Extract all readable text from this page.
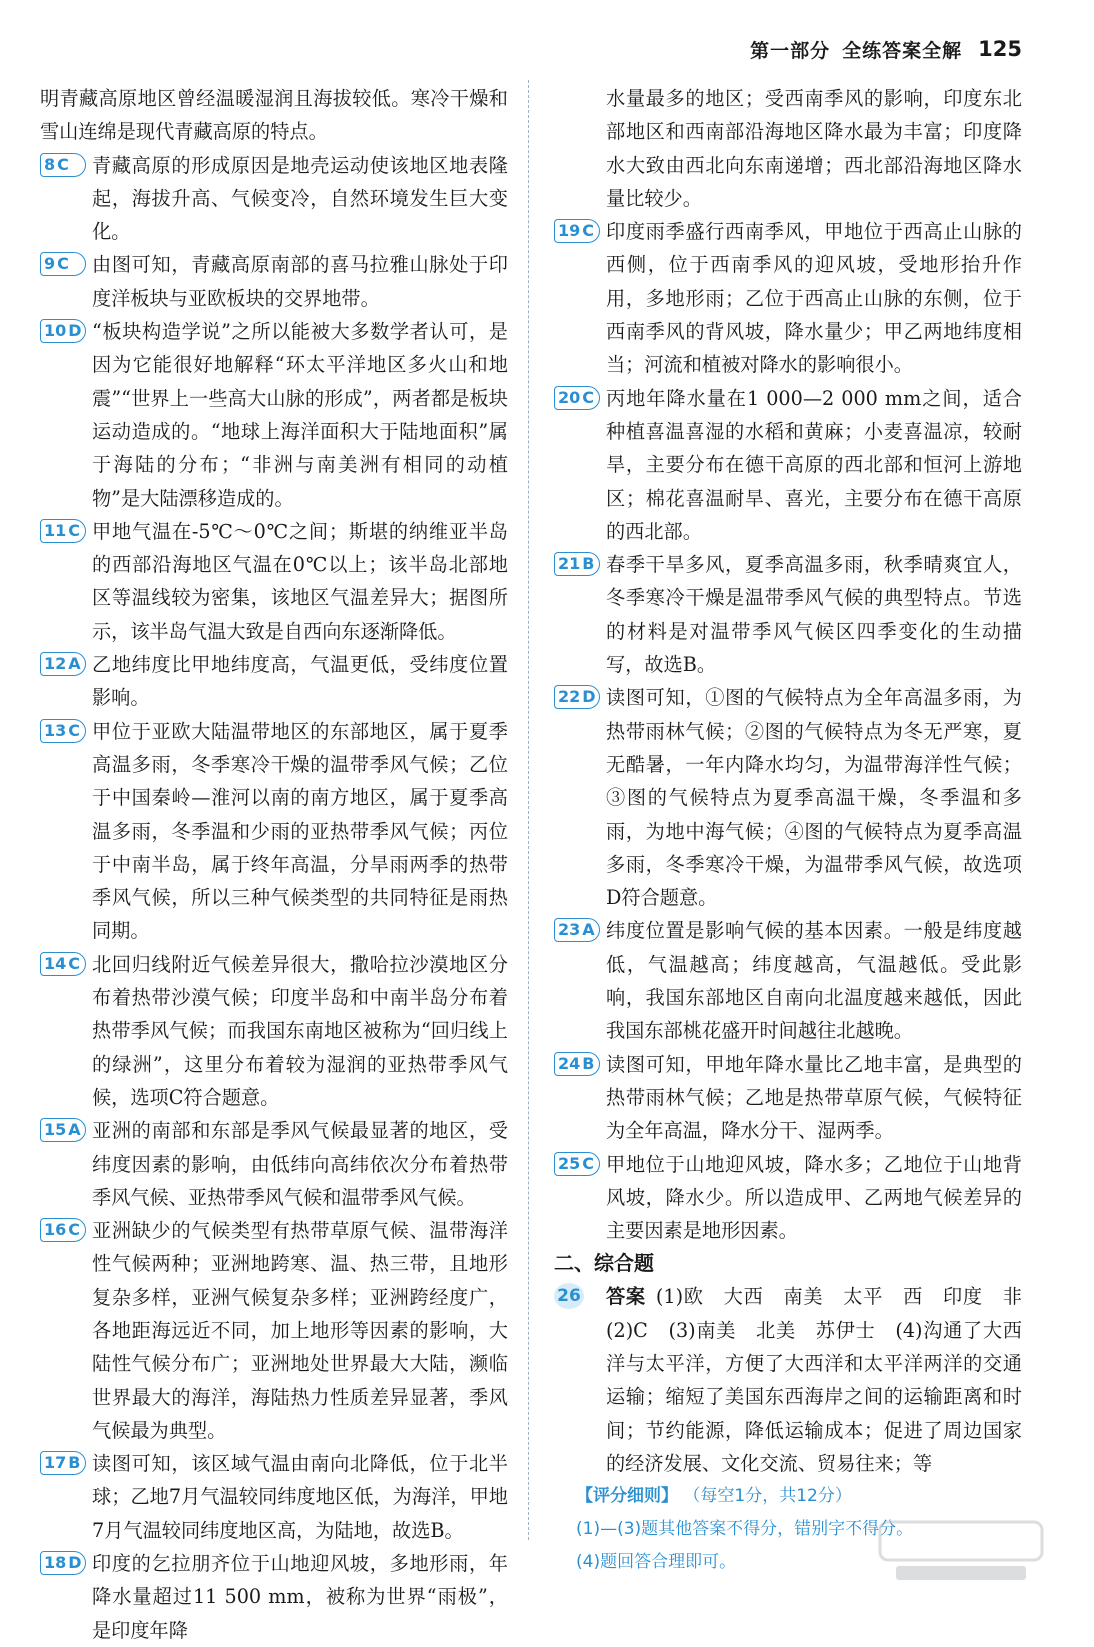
第一部分 全练答案全解 125

明青藏高原地区曾经温暖湿润且海拔较低。寒冷干燥和雪山连绵是现代青藏高原的特点。

8 C	青藏高原的形成原因是地壳运动使该地区地表隆起，海拔升高、气候变冷，自然环境发生巨大变化。
9 C	由图可知，青藏高原南部的喜马拉雅山脉处于印度洋板块与亚欧板块的交界地带。
10 D “板块构造学说”之所以能被大多数学者认可，是因为它能很好地解释“环太平洋地区多火山和地震”“世界上一些高大山脉的形成”，两者都是板块运动造成的。“地球上海洋面积大于陆地面积”属于海陆的分布；“非洲与南美洲有相同的动植物”是大陆漂移造成的。
11 C 甲地气温在-5℃～0℃之间；斯堪的纳维亚半岛的西部沿海地区气温在0℃以上；该半岛北部地区等温线较为密集，该地区气温差异大；据图所示，该半岛气温大致是自西向东逐渐降低。
12 A 乙地纬度比甲地纬度高，气温更低，受纬度位置影响。
13 C 甲位于亚欧大陆温带地区的东部地区，属于夏季高温多雨，冬季寒冷干燥的温带季风气候；乙位于中国秦岭—淮河以南的南方地区，属于夏季高温多雨，冬季温和少雨的亚热带季风气候；丙位于中南半岛，属于终年高温，分旱雨两季的热带季风气候，所以三种气候类型的共同特征是雨热同期。
14 C 北回归线附近气候差异很大，撒哈拉沙漠地区分布着热带沙漠气候；印度半岛和中南半岛分布着热带季风气候；而我国东南地区被称为“回归线上的绿洲”，这里分布着较为湿润的亚热带季风气候，选项C符合题意。
15 A 亚洲的南部和东部是季风气候最显著的地区，受纬度因素的影响，由低纬向高纬依次分布着热带季风气候、亚热带季风气候和温带季风气候。
16 C 亚洲缺少的气候类型有热带草原气候、温带海洋性气候两种；亚洲地跨寒、温、热三带，且地形复杂多样，亚洲气候复杂多样；亚洲跨经度广，各地距海远近不同，加上地形等因素的影响，大陆性气候分布广；亚洲地处世界最大大陆，濒临世界最大的海洋，海陆热力性质差异显著，季风气候最为典型。
17 B 读图可知，该区域气温由南向北降低，位于北半球；乙地7月气温较同纬度地区低，为海洋，甲地7月气温较同纬度地区高，为陆地，故选B。
18 D 印度的乞拉朋齐位于山地迎风坡，多地形雨，年降水量超过11 500 mm，被称为世界“雨极”，是印度年降

水量最多的地区；受西南季风的影响，印度东北部地区和西南部沿海地区降水最为丰富；印度降水大致由西北向东南递增；西北部沿海地区降水量比较少。

19 C 印度雨季盛行西南季风，甲地位于西高止山脉的西侧，位于西南季风的迎风坡，受地形抬升作用，多地形雨；乙位于西高止山脉的东侧，位于西南季风的背风坡，降水量少；甲乙两地纬度相当；河流和植被对降水的影响很小。
20 C 丙地年降水量在1 000—2 000 mm之间，适合种植喜温喜湿的水稻和黄麻；小麦喜温凉，较耐旱，主要分布在德干高原的西北部和恒河上游地区；棉花喜温耐旱、喜光，主要分布在德干高原的西北部。
21 B 春季干旱多风，夏季高温多雨，秋季晴爽宜人，冬季寒冷干燥是温带季风气候的典型特点。节选的材料是对温带季风气候区四季变化的生动描写，故选B。
22 D 读图可知，①图的气候特点为全年高温多雨，为热带雨林气候；②图的气候特点为冬无严寒，夏无酷暑，一年内降水均匀，为温带海洋性气候；③图的气候特点为夏季高温干燥，冬季温和多雨，为地中海气候；④图的气候特点为夏季高温多雨，冬季寒冷干燥，为温带季风气候，故选项D符合题意。
23 A 纬度位置是影响气候的基本因素。一般是纬度越低，气温越高；纬度越高，气温越低。受此影响，我国东部地区自南向北温度越来越低，因此我国东部桃花盛开时间越往北越晚。
24 B 读图可知，甲地年降水量比乙地丰富，是典型的热带雨林气候；乙地是热带草原气候，气候特征为全年高温，降水分干、湿两季。
25 C 甲地位于山地迎风坡，降水多；乙地位于山地背风坡，降水少。所以造成甲、乙两地气候差异的主要因素是地形因素。

二、综合题

26 答案 (1)欧　大西　南美　太平　西　印度　非　(2)C　(3)南美　北美　苏伊士　(4)沟通了大西洋与太平洋，方便了大西洋和太平洋两洋的交通运输；缩短了美国东西海岸之间的运输距离和时间；节约能源，降低运输成本；促进了周边国家的经济发展、文化交流、贸易往来；等

【评分细则】 （每空1分，共12分）

(1)—(3)题其他答案不得分，错别字不得分。

(4)题回答合理即可。
